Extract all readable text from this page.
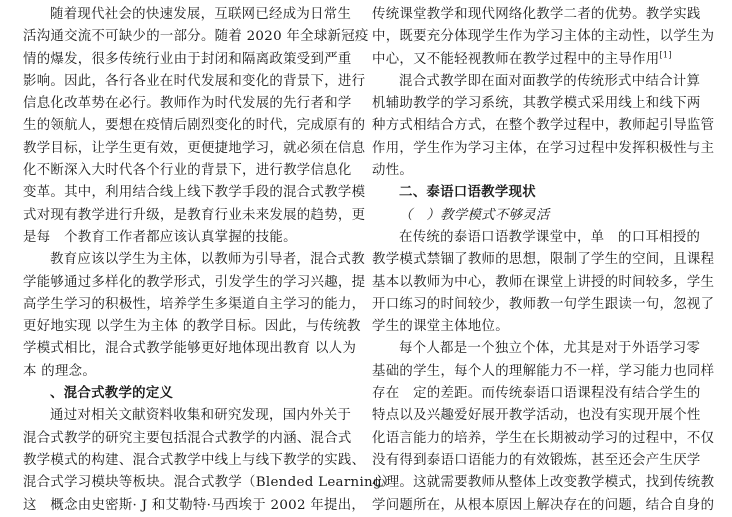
随着现代社会的快速发展，互联网已经成为日常生
活沟通交流不可缺少的一部分。随着 2020 年全球新冠疫
情的爆发，很多传统行业由于封闭和隔离政策受到严重
影响。因此，各行各业在时代发展和变化的背景下，进行
信息化改革势在必行。教师作为时代发展的先行者和学
生的领航人，要想在疫情后剧烈变化的时代，完成原有的
教学目标，让学生更有效，更便捷地学习，就必须在信息
化不断深入大时代各个行业的背景下，进行教学信息化
变革。其中，利用结合线上线下教学手段的混合式教学模
式对现有教学进行升级，是教育行业未来发展的趋势，更
是每　个教育工作者都应该认真掌握的技能。
教育应该以学生为主体，以教师为引导者，混合式教
学能够通过多样化的教学形式，引发学生的学习兴趣，提
高学生学习的积极性，培养学生多渠道自主学习的能力，
更好地实现 以学生为主体 的教学目标。因此，与传统教
学模式相比，混合式教学能够更好地体现出教育 以人为
本 的理念。
、混合式教学的定义
通过对相关文献资料收集和研究发现，国内外关于
混合式教学的研究主要包括混合式教学的内涵、混合式
教学模式的构建、混合式教学中线上与线下教学的实践、
混合式学习模块等板块。混合式教学（Blended Learning）
这　概念由史密斯· J 和艾勒特·马西埃于 2002 年提出，
传统课堂教学和现代网络化教学二者的优势。教学实践
中，既要充分体现学生作为学习主体的主动性，以学生为
中心，又不能轻视教师在教学过程中的主导作用[1]
混合式教学即在面对面教学的传统形式中结合计算
机辅助教学的学习系统，其教学模式采用线上和线下两
种方式相结合方式，在整个教学过程中，教师起引导监管
作用，学生作为学习主体，在学习过程中发挥积极性与主
动性。
二、泰语口语教学现状
（　）教学模式不够灵活
在传统的泰语口语教学课堂中，单　的口耳相授的
教学模式禁锢了教师的思想，限制了学生的空间，且课程
基本以教师为中心，教师在课堂上讲授的时间较多，学生
开口练习的时间较少，教师教一句学生跟读一句，忽视了
学生的课堂主体地位。
每个人都是一个独立个体，尤其是对于外语学习零
基础的学生，每个人的理解能力不一样，学习能力也同样
存在　定的差距。而传统泰语口语课程没有结合学生的
特点以及兴趣爱好展开教学活动，也没有实现开展个性
化语言能力的培养，学生在长期被动学习的过程中，不仅
没有得到泰语口语能力的有效锻炼，甚至还会产生厌学
心理。这就需要教师从整体上改变教学模式，找到传统教
学问题所在，从根本原因上解决存在的问题，结合自身的
